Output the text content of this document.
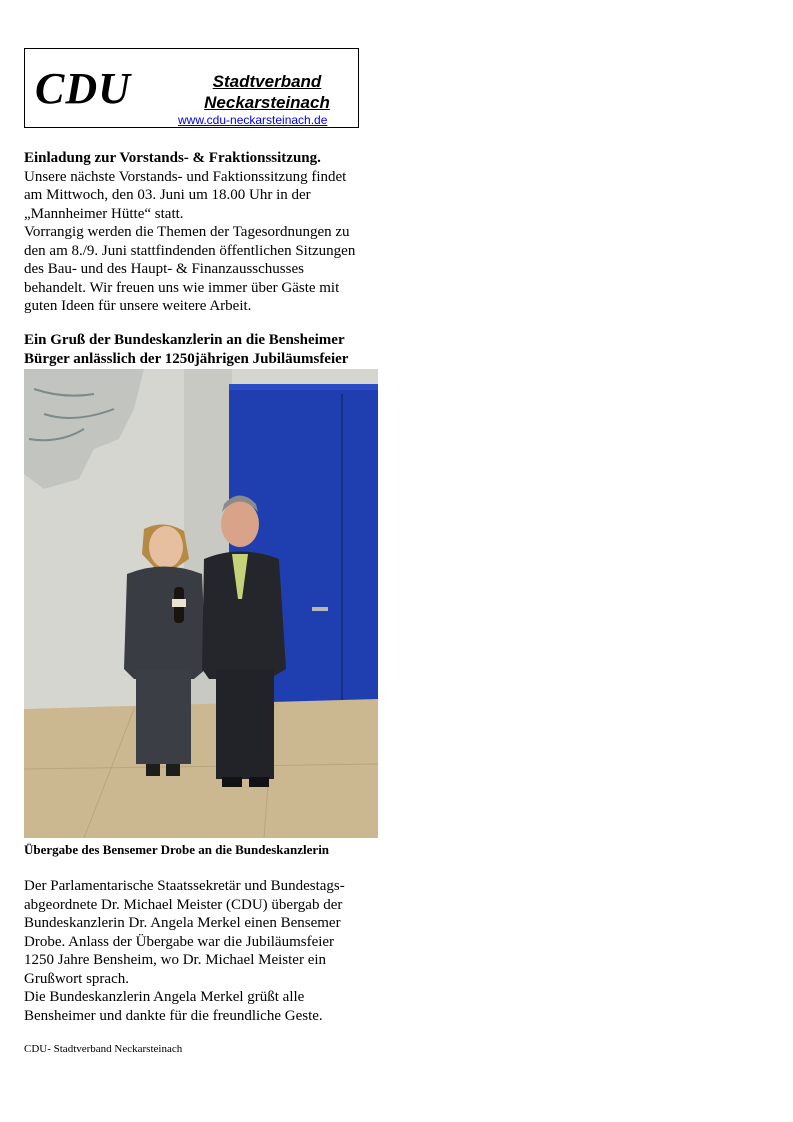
CDU	Stadtverband
Neckarsteinach
www.cdu-neckarsteinach.de

Einladung zur Vorstands- & Fraktionssitzung.

Unsere nächste Vorstands- und Faktionssitzung findet

am Mittwoch, den 03. Juni um 18.00 Uhr in der

„Mannheimer Hütte“ statt.

Vorrangig werden die Themen der Tagesordnungen zu

den am 8./9. Juni stattfindenden öffentlichen Sitzungen

des Bau- und des Haupt- & Finanzausschusses

behandelt. Wir freuen uns wie immer über Gäste mit

guten Ideen für unsere weitere Arbeit.

Ein Gruß der Bundeskanzlerin an die Bensheimer

Bürger anlässlich der 1250jährigen Jubiläumsfeier

Übergabe des Bensemer Drobe an die Bundeskanzlerin

Der Parlamentarische Staatssekretär und Bundestags-

abgeordnete Dr. Michael Meister (CDU) übergab der

Bundeskanzlerin Dr. Angela Merkel einen Bensemer

Drobe. Anlass der Übergabe war die Jubiläumsfeier

1250 Jahre Bensheim, wo Dr. Michael Meister ein

Grußwort sprach.

Die Bundeskanzlerin Angela Merkel grüßt alle

Bensheimer und dankte für die freundliche Geste.

CDU- Stadtverband Neckarsteinach
